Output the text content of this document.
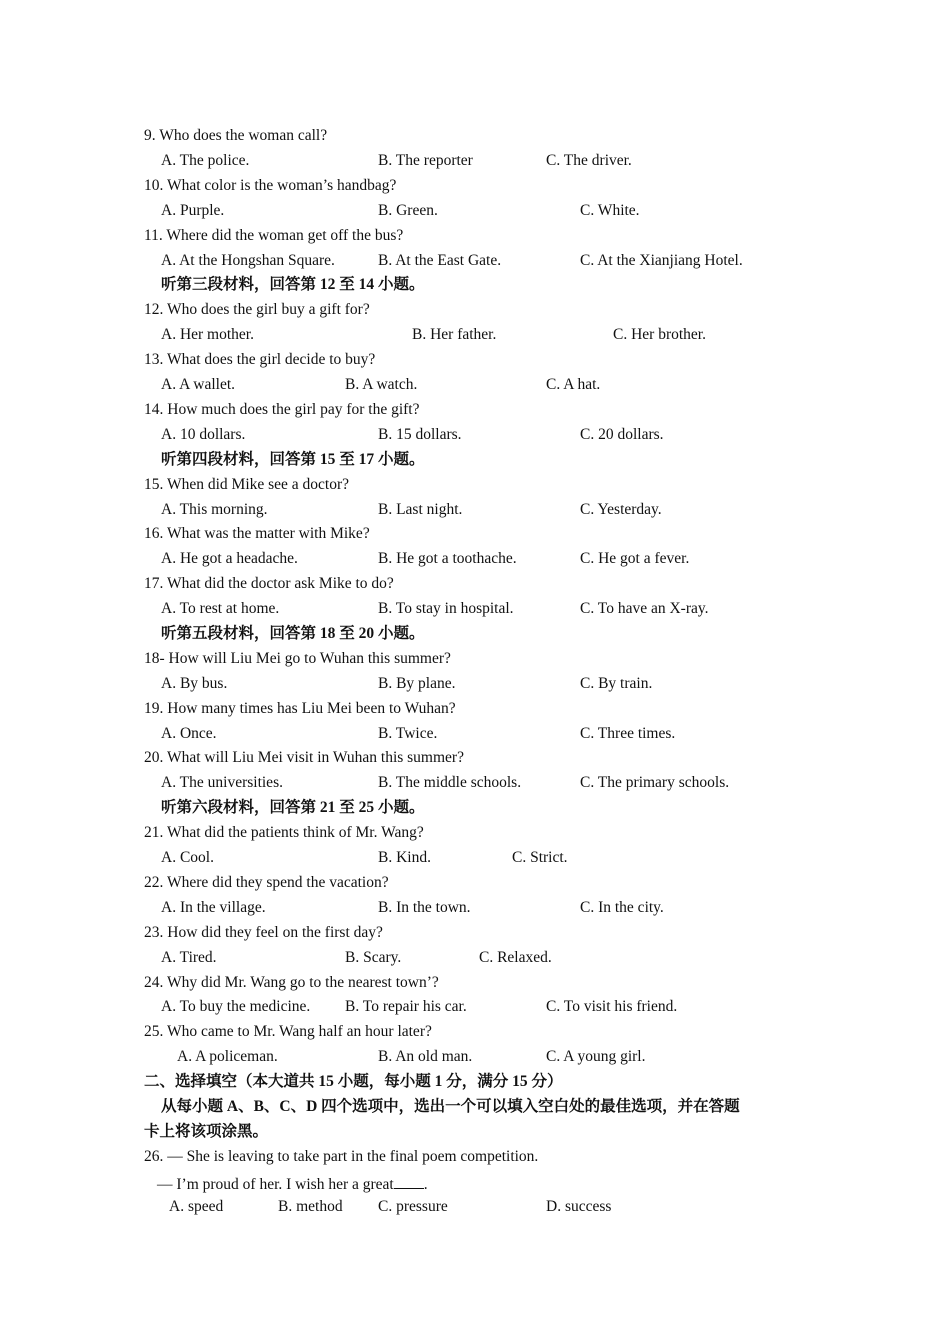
9. Who does the woman call?
A. The police.	B. The reporter	C. The driver.
10. What color is the woman’s handbag?
A. Purple.	B. Green.	C. White.
11. Where did the woman get off the bus?
A. At the Hongshan Square.	B. At the East Gate.	C. At the Xianjiang Hotel.
听第三段材料，回答第 12 至 14 小题。
12. Who does the girl buy a gift for?
A. Her mother.	B. Her father.	C. Her brother.
13. What does the girl decide to buy?
A. A wallet.	B. A watch.	C. A hat.
14. How much does the girl pay for the gift?
A. 10 dollars.	B. 15 dollars.	C. 20 dollars.
听第四段材料，回答第 15 至 17 小题。
15. When did Mike see a doctor?
A. This morning.	B. Last night.	C. Yesterday.
16. What was the matter with Mike?
A. He got a headache.	B. He got a toothache.	C. He got a fever.
17. What did the doctor ask Mike to do?
A. To rest at home.	B. To stay in hospital.	C. To have an X-ray.
听第五段材料，回答第 18 至 20 小题。
18- How will Liu Mei go to Wuhan this summer?
A. By bus.	B. By plane.	C. By train.
19. How many times has Liu Mei been to Wuhan?
A. Once.	B. Twice.	C. Three times.
20. What will Liu Mei visit in Wuhan this summer?
A. The universities.	B. The middle schools.	C. The primary schools.
听第六段材料，回答第 21 至 25 小题。
21. What did the patients think of Mr. Wang?
A. Cool.	B. Kind.	C. Strict.
22. Where did they spend the vacation?
A. In the village.	B. In the town.	C. In the city.
23. How did they feel on the first day?
A. Tired.	B. Scary.	C. Relaxed.
24. Why did Mr. Wang go to the nearest town’?
A. To buy the medicine. B. To repair his car.	C. To visit his friend.
25. Who came to Mr. Wang half an hour later?
A. A policeman.	B. An old man.	C. A young girl.
二、选择填空（本大道共 15 小题，每小题 1 分，满分 15 分）
从每小题 A、B、C、D 四个选项中，选出一个可以填入空白处的最佳选项，并在答题
卡上将该项涂黑。
26. — She is leaving to take part in the final poem competition.
— I’m proud of her. I wish her a great .
A. speed	B. method C. pressure	D. success
